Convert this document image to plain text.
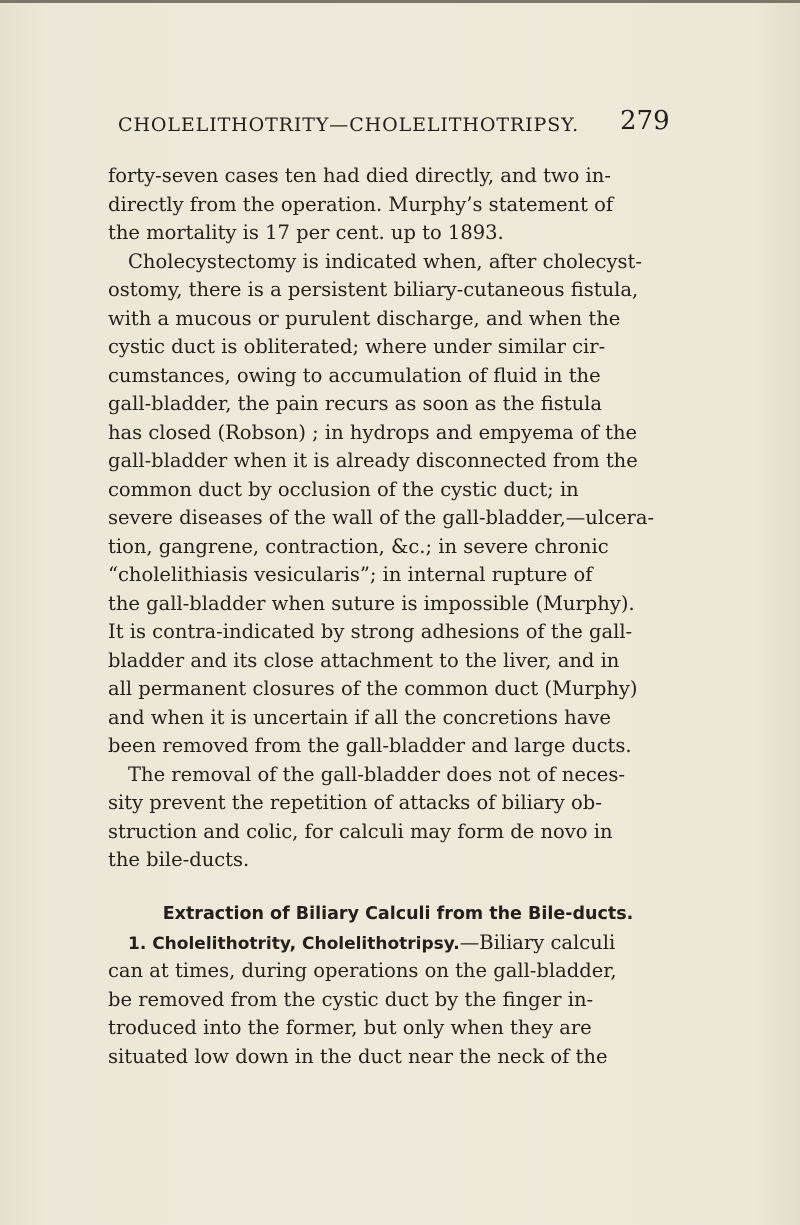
CHOLELITHOTRITY—CHOLELITHOTRIPSY. 279
forty-seven cases ten had died directly, and two in-
directly from the operation. Murphy’s statement of
the mortality is 17 per cent. up to 1893.
Cholecystectomy is indicated when, after cholecyst-
ostomy, there is a persistent biliary-cutaneous fistula,
with a mucous or purulent discharge, and when the
cystic duct is obliterated; where under similar cir-
cumstances, owing to accumulation of fluid in the
gall-bladder, the pain recurs as soon as the fistula
has closed (Robson) ; in hydrops and empyema of the
gall-bladder when it is already disconnected from the
common duct by occlusion of the cystic duct; in
severe diseases of the wall of the gall-bladder,—ulcera-
tion, gangrene, contraction, &c.; in severe chronic
“cholelithiasis vesicularis”; in internal rupture of
the gall-bladder when suture is impossible (Murphy).
It is contra-indicated by strong adhesions of the gall-
bladder and its close attachment to the liver, and in
all permanent closures of the common duct (Murphy)
and when it is uncertain if all the concretions have
been removed from the gall-bladder and large ducts.
The removal of the gall-bladder does not of neces-
sity prevent the repetition of attacks of biliary ob-
struction and colic, for calculi may form de novo in
the bile-ducts.
Extraction of Biliary Calculi from the Bile-ducts.
1. Cholelithotrity, Cholelithotripsy.—Biliary calculi
can at times, during operations on the gall-bladder,
be removed from the cystic duct by the finger in-
troduced into the former, but only when they are
situated low down in the duct near the neck of the
